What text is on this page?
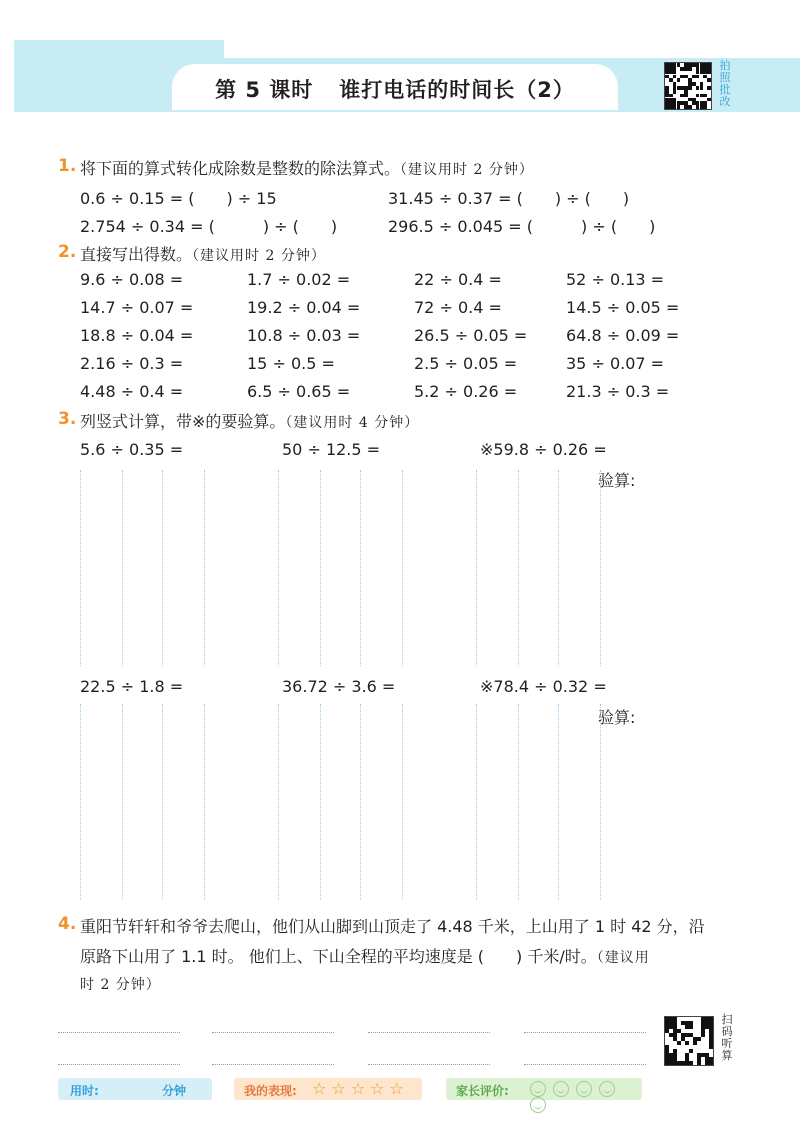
第 5 课时 谁打电话的时间长（2）
拍
照
批
改
1. 将下面的算式转化成除数是整数的除法算式。（建议用时 2 分钟）
0.6 ÷ 0.15 = (　　) ÷ 15	31.45 ÷ 0.37 = (　　) ÷ (　　)
2.754 ÷ 0.34 = (　　　) ÷ (　　)	296.5 ÷ 0.045 = (　　　) ÷ (　　)
2. 直接写出得数。（建议用时 2 分钟）
9.6 ÷ 0.08 =	1.7 ÷ 0.02 =	22 ÷ 0.4 =	52 ÷ 0.13 =
14.7 ÷ 0.07 =	19.2 ÷ 0.04 =	72 ÷ 0.4 =	14.5 ÷ 0.05 =
18.8 ÷ 0.04 =	10.8 ÷ 0.03 =	26.5 ÷ 0.05 = 64.8 ÷ 0.09 =
2.16 ÷ 0.3 =	15 ÷ 0.5 =	2.5 ÷ 0.05 =	35 ÷ 0.07 =
4.48 ÷ 0.4 =	6.5 ÷ 0.65 =	5.2 ÷ 0.26 =	21.3 ÷ 0.3 =
3. 列竖式计算，带※的要验算。（建议用时 4 分钟）
5.6 ÷ 0.35 =	50 ÷ 12.5 =	※59.8 ÷ 0.26 =
验算:
22.5 ÷ 1.8 =	36.72 ÷ 3.6 =	※78.4 ÷ 0.32 =
验算:
4. 重阳节轩轩和爷爷去爬山，他们从山脚到山顶走了 4.48 千米，上山用了 1 时 42 分，沿
原路下山用了 1.1 时。 他们上、下山全程的平均速度是 (　　) 千米/时。（建议用
时 2 分钟）
扫
码
听
算
用时:	分钟	我的表现: ☆ ☆ ☆ ☆ ☆	家长评价:
